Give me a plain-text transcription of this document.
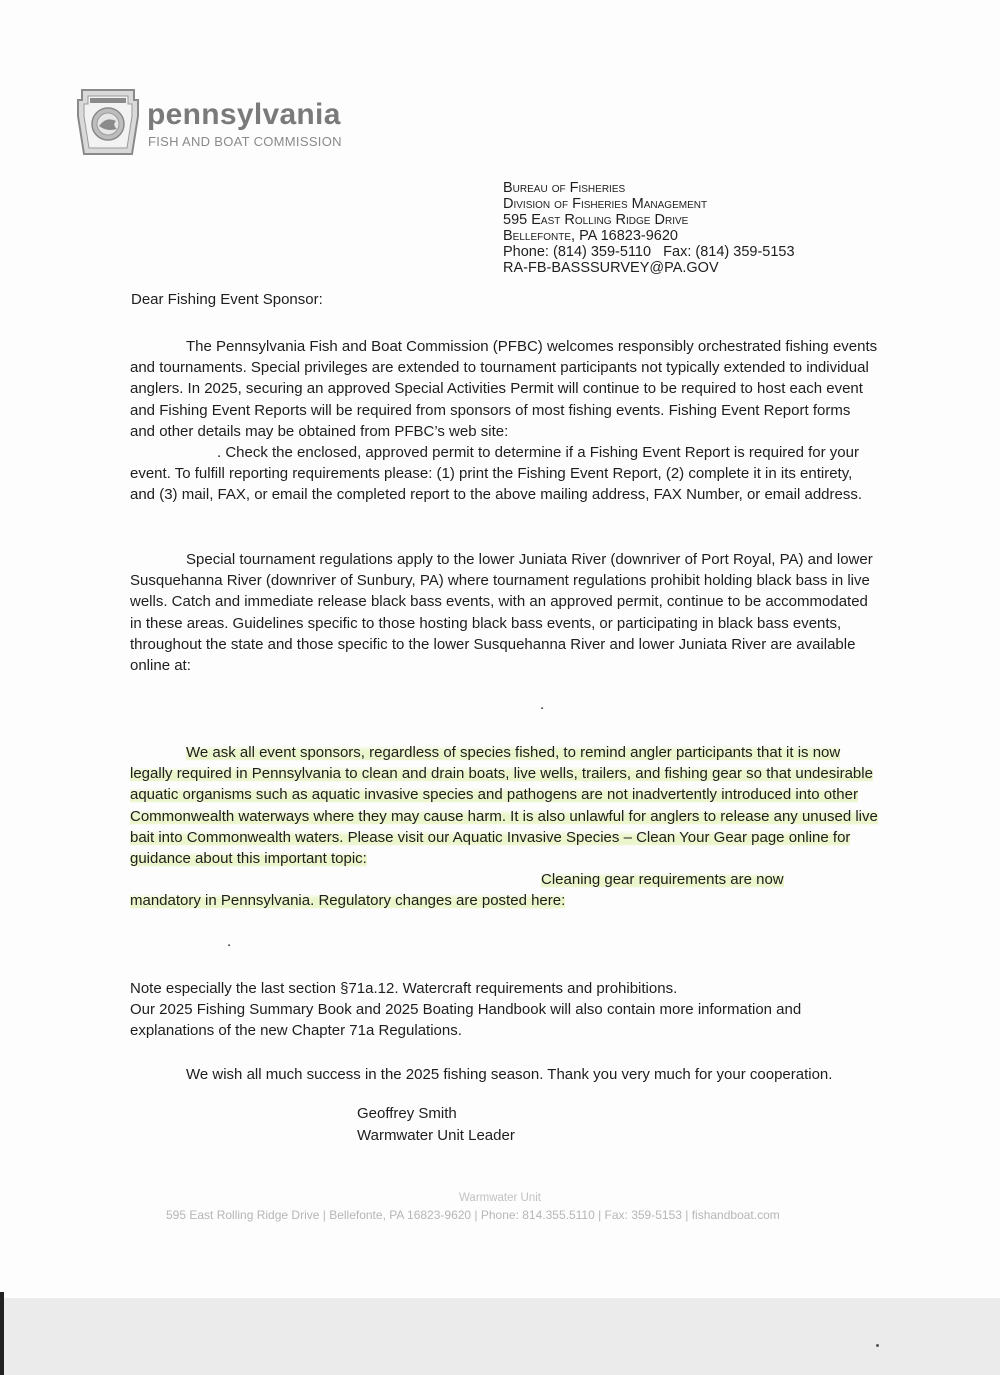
pennsylvania
FISH AND BOAT COMMISSION
Bureau of Fisheries
Division of Fisheries Management
595 East Rolling Ridge Drive
Bellefonte, PA 16823-9620
Phone: (814) 359-5110   Fax: (814) 359-5153
RA-FB-BASSSURVEY@PA.GOV
Dear Fishing Event Sponsor:
The Pennsylvania Fish and Boat Commission (PFBC) welcomes responsibly orchestrated fishing events and tournaments. Special privileges are extended to tournament participants not typically extended to individual anglers. In 2025, securing an approved Special Activities Permit will continue to be required to host each event and Fishing Event Reports will be required from sponsors of most fishing events. Fishing Event Report forms and other details may be obtained from PFBC’s web site:
. Check the enclosed, approved permit to determine if a Fishing Event Report is required for your event. To fulfill reporting requirements please: (1) print the Fishing Event Report, (2) complete it in its entirety, and (3) mail, FAX, or email the completed report to the above mailing address, FAX Number, or email address.
Special tournament regulations apply to the lower Juniata River (downriver of Port Royal, PA) and lower Susquehanna River (downriver of Sunbury, PA) where tournament regulations prohibit holding black bass in live wells. Catch and immediate release black bass events, with an approved permit, continue to be accommodated in these areas. Guidelines specific to those hosting black bass events, or participating in black bass events, throughout the state and those specific to the lower Susquehanna River and lower Juniata River are available online at:
.
We ask all event sponsors, regardless of species fished, to remind angler participants that it is now legally required in Pennsylvania to clean and drain boats, live wells, trailers, and fishing gear so that undesirable aquatic organisms such as aquatic invasive species and pathogens are not inadvertently introduced into other Commonwealth waterways where they may cause harm. It is also unlawful for anglers to release any unused live bait into Commonwealth waters. Please visit our Aquatic Invasive Species – Clean Your Gear page online for guidance about this important topic:
Cleaning gear requirements are now
mandatory in Pennsylvania. Regulatory changes are posted here:
.
Note especially the last section §71a.12. Watercraft requirements and prohibitions.
Our 2025 Fishing Summary Book and 2025 Boating Handbook will also contain more information and explanations of the new Chapter 71a Regulations.
We wish all much success in the 2025 fishing season. Thank you very much for your cooperation.
Geoffrey Smith
Warmwater Unit Leader
Warmwater Unit
595 East Rolling Ridge Drive | Bellefonte, PA 16823-9620 | Phone: 814.355.5110 | Fax: 359-5153 | fishandboat.com
